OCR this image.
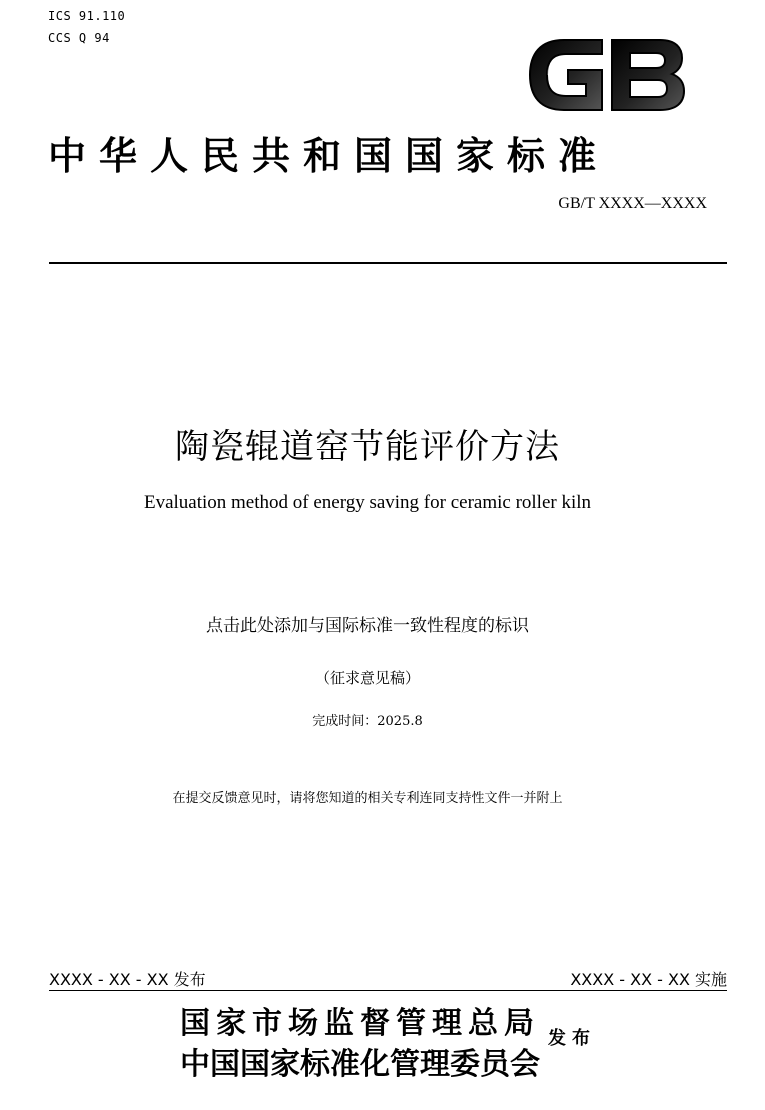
ICS 91.110
CCS Q 94
中华人民共和国国家标准
GB/T XXXX—XXXX
陶瓷辊道窑节能评价方法
Evaluation method of energy saving for ceramic roller kiln
点击此处添加与国际标准一致性程度的标识
（征求意见稿）
完成时间：2025.8
在提交反馈意见时，请将您知道的相关专利连同支持性文件一并附上
XXXX - XX - XX 发布	XXXX - XX - XX 实施
国家市场监督管理总局
中国国家标准化管理委员会
发布
